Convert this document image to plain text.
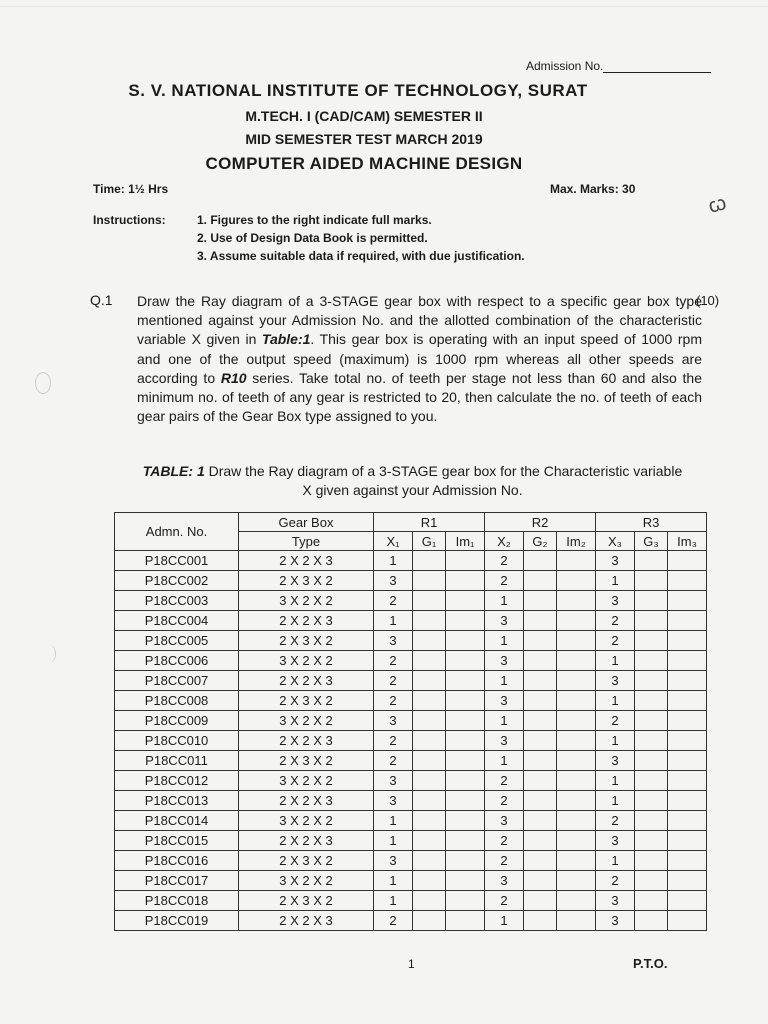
Admission No.
S. V. NATIONAL INSTITUTE OF TECHNOLOGY, SURAT
M.TECH. I (CAD/CAM) SEMESTER II
MID SEMESTER TEST MARCH 2019
COMPUTER AIDED MACHINE DESIGN
Time: 1½ Hrs	Max. Marks: 30
ꞷ
Instructions:	1. Figures to the right indicate full marks.
2. Use of Design Data Book is permitted.
3. Assume suitable data if required, with due justification.
Q.1	(10)
Draw the Ray diagram of a 3-STAGE gear box with respect to a specific gear box type mentioned against your Admission No. and the allotted combination of the characteristic variable X given in Table:1. This gear box is operating with an input speed of 1000 rpm and one of the output speed (maximum) is 1000 rpm whereas all other speeds are according to R10 series. Take total no. of teeth per stage not less than 60 and also the minimum no. of teeth of any gear is restricted to 20, then calculate the no. of teeth of each gear pairs of the Gear Box type assigned to you.
TABLE: 1 Draw the Ray diagram of a 3-STAGE gear box for the Characteristic variable X given against your Admission No.
Admn. No.	Gear Box	R1			R2			R3		
	Type	X₁	G₁	Im₁	X₂	G₂	Im₂	X₃	G₃	Im₃
P18CC001	2 X 2 X 3	1			2			3		
P18CC002	2 X 3 X 2	3			2			1		
P18CC003	3 X 2 X 2	2			1			3		
P18CC004	2 X 2 X 3	1			3			2		
P18CC005	2 X 3 X 2	3			1			2		
P18CC006	3 X 2 X 2	2			3			1		
P18CC007	2 X 2 X 3	2			1			3		
P18CC008	2 X 3 X 2	2			3			1		
P18CC009	3 X 2 X 2	3			1			2		
P18CC010	2 X 2 X 3	2			3			1		
P18CC011	2 X 3 X 2	2			1			3		
P18CC012	3 X 2 X 2	3			2			1		
P18CC013	2 X 2 X 3	3			2			1		
P18CC014	3 X 2 X 2	1			3			2		
P18CC015	2 X 2 X 3	1			2			3		
P18CC016	2 X 3 X 2	3			2			1		
P18CC017	3 X 2 X 2	1			3			2		
P18CC018	2 X 3 X 2	1			2			3		
P18CC019	2 X 2 X 3	2			1			3		
1	P.T.O.
